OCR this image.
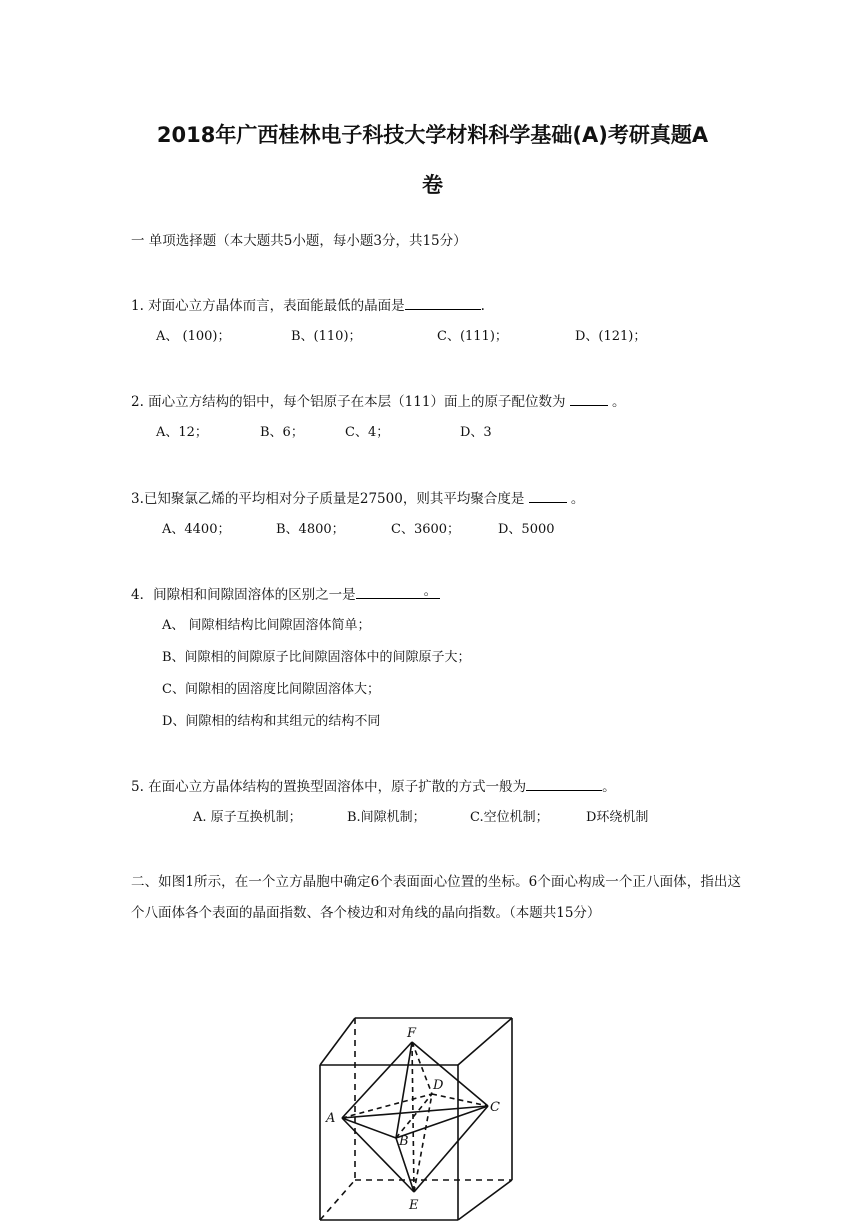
2018年广西桂林电子科技大学材料科学基础(A)考研真题A
卷
一 单项选择题（本大题共5小题，每小题3分，共15分）
1. 对面心立方晶体而言，表面能最低的晶面是	.
A、 (100)；	B、(110)；	C、(111)；	D、(121)；
2. 面心立方结构的铝中，每个铝原子在本层（111）面上的原子配位数为	。
A、12；	B、6；	C、4；	D、3
3.已知聚氯乙烯的平均相对分子质量是27500，则其平均聚合度是	。
A、4400；	B、4800；	C、3600；	D、5000
4．间隙相和间隙固溶体的区别之一是	。
A、 间隙相结构比间隙固溶体简单；
B、间隙相的间隙原子比间隙固溶体中的间隙原子大；
C、间隙相的固溶度比间隙固溶体大；
D、间隙相的结构和其组元的结构不同
5. 在面心立方晶体结构的置换型固溶体中，原子扩散的方式一般为	。
A. 原子互换机制；	B.间隙机制；	C.空位机制；	D环绕机制
二、如图1所示，在一个立方晶胞中确定6个表面面心位置的坐标。6个面心构成一个正八面体，指出这个八面体各个表面的晶面指数、各个棱边和对角线的晶向指数。（本题共15分）
F
D
A
C
B
E
